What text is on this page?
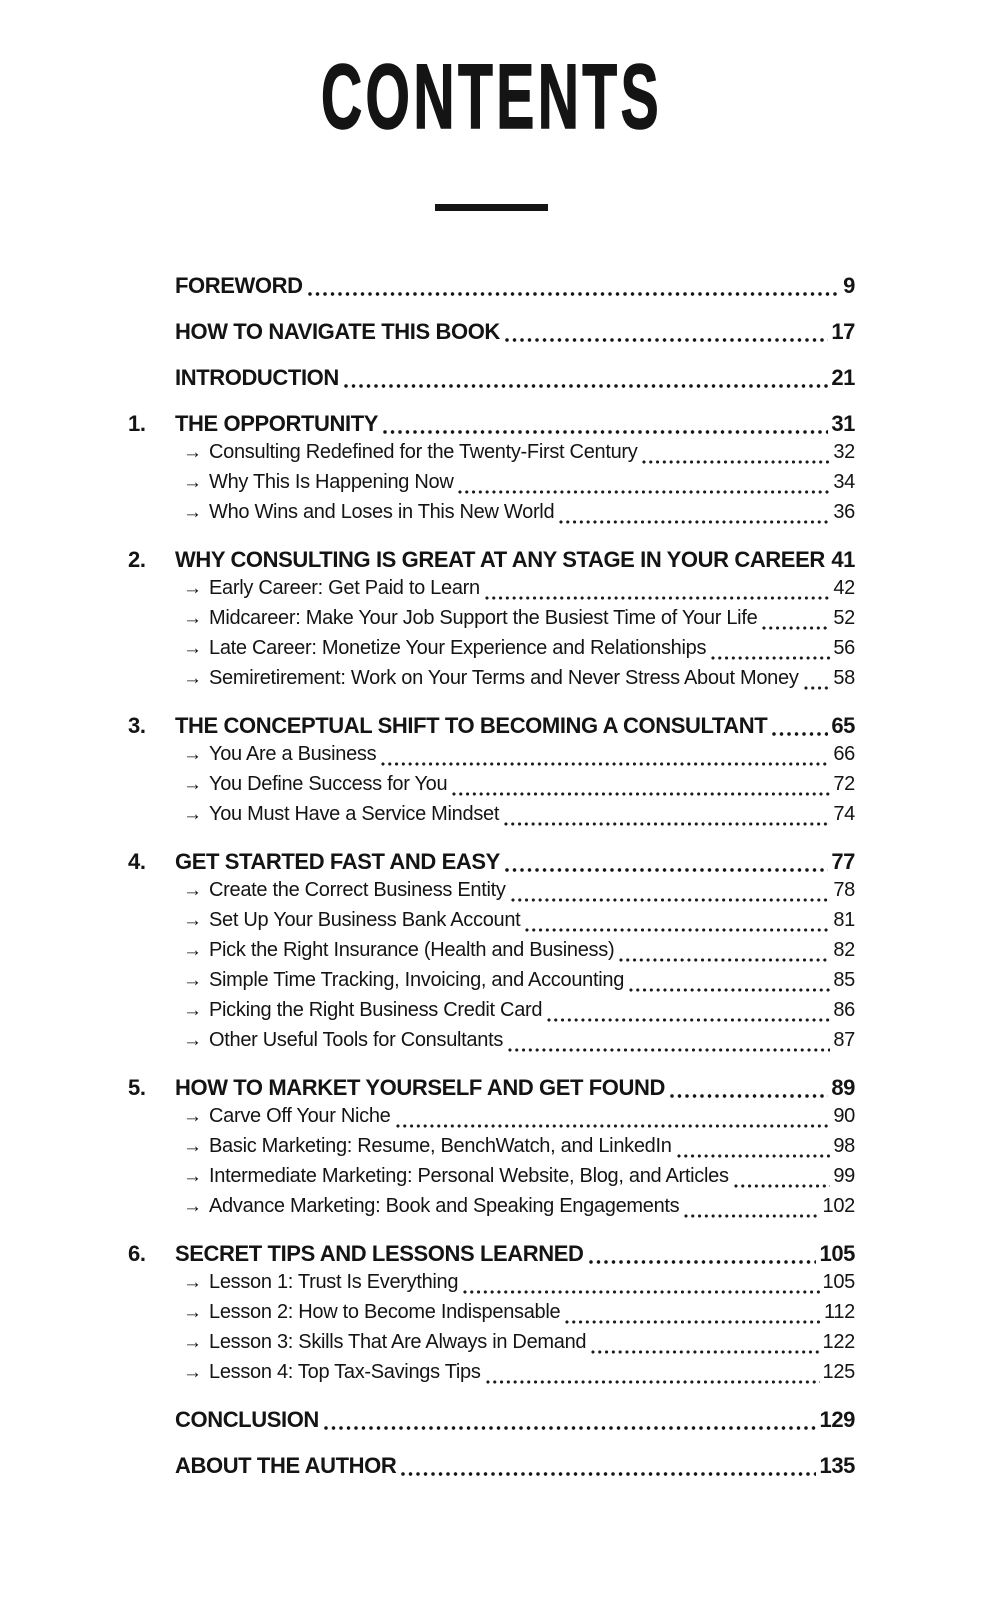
CONTENTS
FOREWORD	9
HOW TO NAVIGATE THIS BOOK	17
INTRODUCTION	21
1.	THE OPPORTUNITY	31
→ Consulting Redefined for the Twenty-First Century	32
→ Why This Is Happening Now	34
→ Who Wins and Loses in This New World	36
2.	WHY CONSULTING IS GREAT AT ANY STAGE IN YOUR CAREER 41
→ Early Career: Get Paid to Learn	42
→ Midcareer: Make Your Job Support the Busiest Time of Your Life	52
→ Late Career: Monetize Your Experience and Relationships	56
→ Semiretirement: Work on Your Terms and Never Stress About Money 58
3.	THE CONCEPTUAL SHIFT TO BECOMING A CONSULTANT	65
→ You Are a Business	66
→ You Define Success for You	72
→ You Must Have a Service Mindset	74
4.	GET STARTED FAST AND EASY	77
→ Create the Correct Business Entity	78
→ Set Up Your Business Bank Account	81
→ Pick the Right Insurance (Health and Business)	82
→ Simple Time Tracking, Invoicing, and Accounting	85
→ Picking the Right Business Credit Card	86
→ Other Useful Tools for Consultants	87
5.	HOW TO MARKET YOURSELF AND GET FOUND	89
→ Carve Off Your Niche	90
→ Basic Marketing: Resume, BenchWatch, and LinkedIn	98
→ Intermediate Marketing: Personal Website, Blog, and Articles	99
→ Advance Marketing: Book and Speaking Engagements	102
6.	SECRET TIPS AND LESSONS LEARNED	105
→ Lesson 1: Trust Is Everything	105
→ Lesson 2: How to Become Indispensable	112
→ Lesson 3: Skills That Are Always in Demand	122
→ Lesson 4: Top Tax-Savings Tips	125
CONCLUSION	129
ABOUT THE AUTHOR	135
